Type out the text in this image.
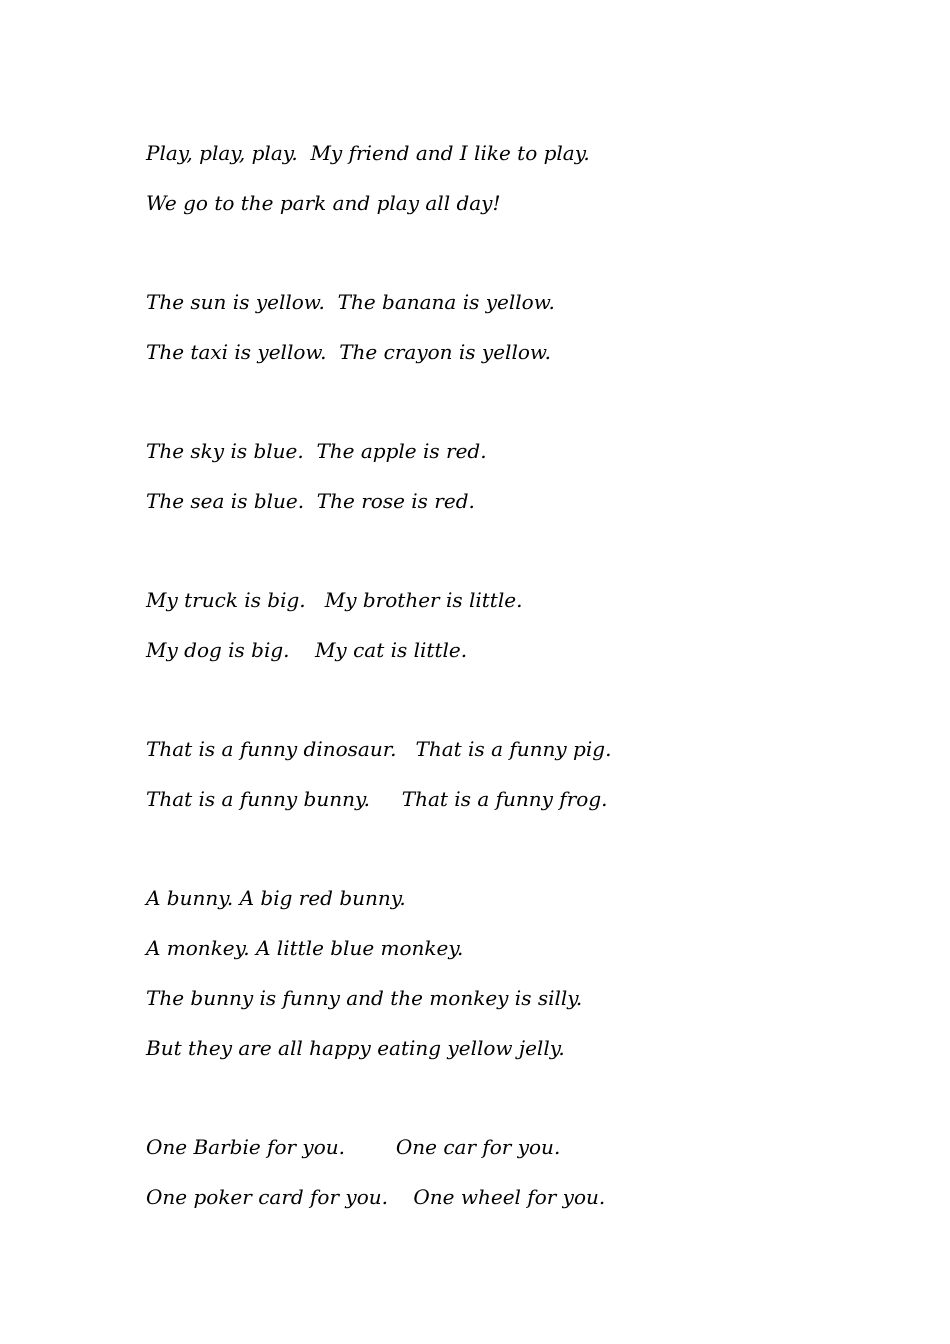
Play, play, play.  My friend and I like to play.
We go to the park and play all day!
The sun is yellow.  The banana is yellow.
The taxi is yellow.  The crayon is yellow.
The sky is blue.  The apple is red.
The sea is blue.  The rose is red.
My truck is big.   My brother is little.
My dog is big.    My cat is little.
That is a funny dinosaur.   That is a funny pig.
That is a funny bunny.     That is a funny frog.
A bunny. A big red bunny.
A monkey. A little blue monkey.
The bunny is funny and the monkey is silly.
But they are all happy eating yellow jelly.
One Barbie for you.        One car for you.
One poker card for you.    One wheel for you.
